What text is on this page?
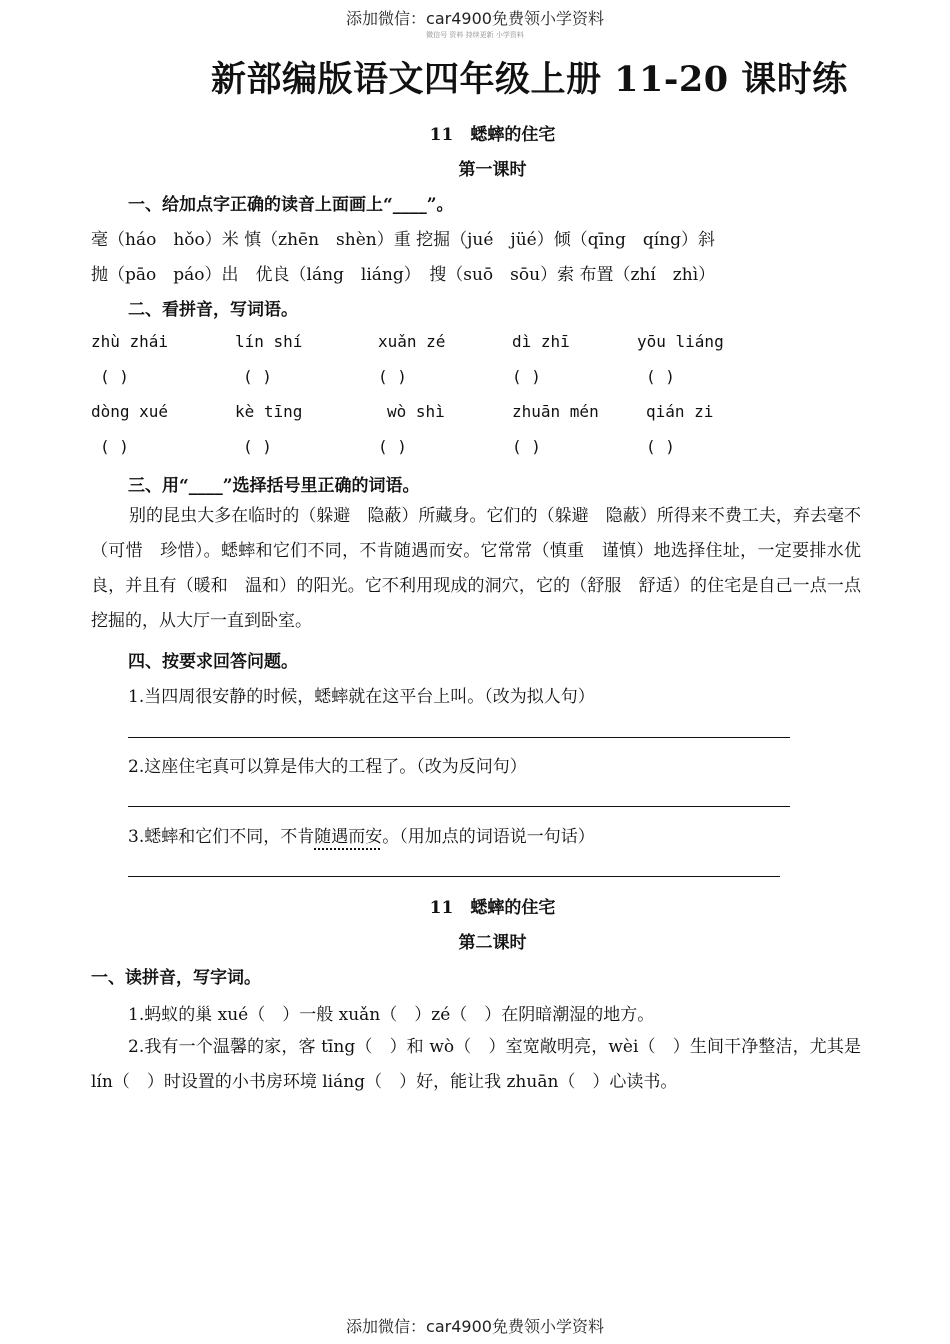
添加微信：car4900免费领小学资料
微信号 资料 持续更新 小学资料
新部编版语文四年级上册 11-20 课时练
11　蟋蟀的住宅
第一课时
一、给加点字正确的读音上面画上“____”。
毫（háo　hǒo）米 慎（zhēn　shèn）重 挖掘（jué　jüé）倾（qīng　qíng）斜
抛（pāo　páo）出　优良（láng　liáng）　搜（suō　sōu）索 布置（zhí　zhì）
二、看拼音，写词语。
zhù zhái	lín shí	xuǎn zé	dì zhī	yōu liáng
( )	( )	( )	( )	( )
dòng xué	kè tīng	wò shì	zhuān mén	qián zi
( )	( )	( )	( )	( )
三、用“____”选择括号里正确的词语。
别的昆虫大多在临时的（躲避　隐蔽）所藏身。它们的（躲避　隐蔽）所得来不费工夫，弃去毫不（可惜　珍惜）。蟋蟀和它们不同，不肯随遇而安。它常常（慎重　谨慎）地选择住址，一定要排水优良，并且有（暖和　温和）的阳光。它不利用现成的洞穴，它的（舒服　舒适）的住宅是自己一点一点挖掘的，从大厅一直到卧室。
四、按要求回答问题。
1.当四周很安静的时候，蟋蟀就在这平台上叫。（改为拟人句）
2.这座住宅真可以算是伟大的工程了。（改为反问句）
3.蟋蟀和它们不同，不肯随遇而安。（用加点的词语说一句话）
11　蟋蟀的住宅
第二课时
一、读拼音，写字词。
1.蚂蚁的巢 xué（　）一般 xuǎn（　）zé（　）在阴暗潮湿的地方。
2.我有一个温馨的家，客 tīng（　）和 wò（　）室宽敞明亮，wèi（　）生间干净整洁，尤其是 lín（　）时设置的小书房环境 liáng（　）好，能让我 zhuān（　）心读书。
添加微信：car4900免费领小学资料
